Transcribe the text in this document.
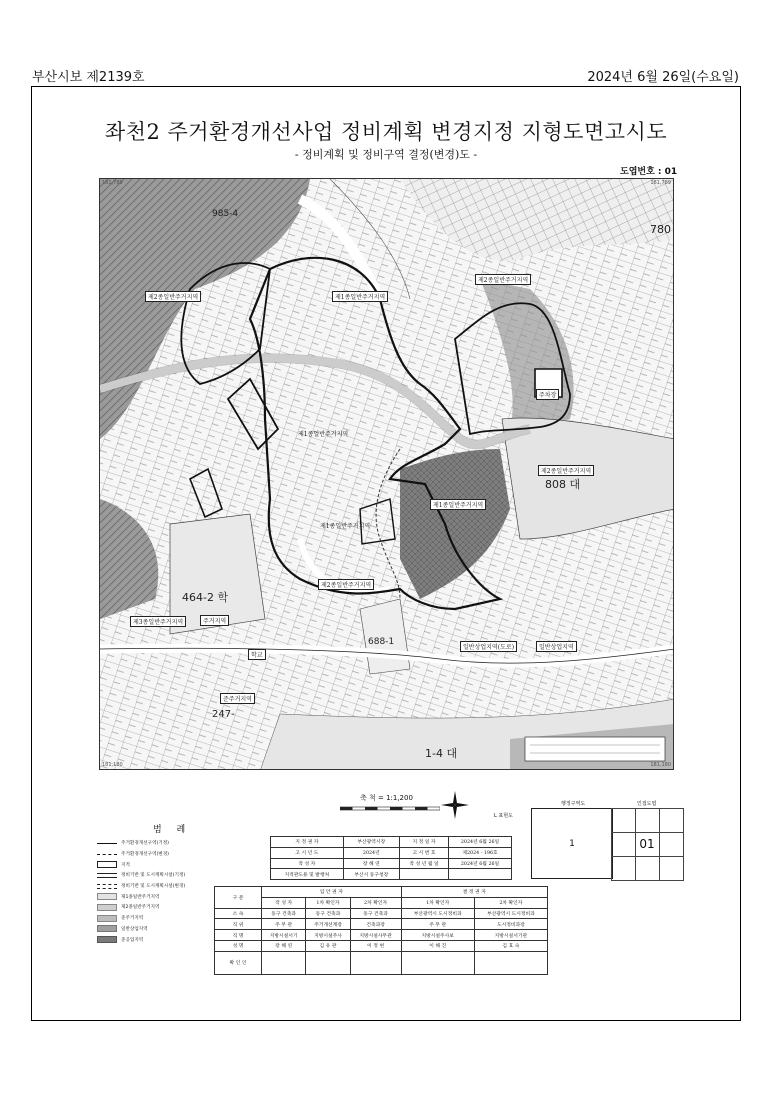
부산시보 제2139호	2024년 6월 26일(수요일)
좌천2 주거환경개선사업 정비계획 변경지정 지형도면고시도
- 정비계획 및 정비구역 결정(변경)도 -
도엽번호 : 01
181,789	181,789
181,180	181,180
985-4
780
808 대
464-2 학
688-1
1-4 대
247-
제2종일반주거지역	제1종일반주거지역
제2종일반주거지역
주차장
제2종일반주거지역
제1종일반주거지역
제2종일반주거지역
주거지역
제3종일반주거지역
준주거지역
일반상업지역
학교
일반상업지역(도로)
제1종일반주거지역
제1종일반주거지역
축 척 = 1:1,200
L 표현도
행정구역도	인접도엽
1	01
범 례
주거환경개선구역(기정)
주거환경개선구역(변경)
지적
정비기반 및 도시계획시설(기정)
정비기반 및 도시계획시설(변경)
제1종일반주거지역
제2종일반주거지역
준주거지역
일반상업지역
준공업지역
지 정 권 자	부산광역시장	지 정 일 자	2024년 6월 26일
고 시 년 도	2024년	고 시 번 호	제2024 - 196호
작 성 자	장 해 연	작 성 년 월 일	2024년 6월 26일
지적관도용 및 발행처	부산시 동구청장		
구 분	입 안 권 자			결 정 권 자	
	작 성 자	1차 확인자	2차 확인자	1차 확인자	2차 확인자
소 속	동구 건축과	동구 건축과	동구 건축과	부산광역시 도시정비과	부산광역시 도시정비과
직 위	주 무 관	주거개선계장	건축과장	주 무 관	도시정비과장
직 명	지방시설서기	지방시설주사	지방시설사무관	지방시설주사보	지방시설서기관
성 명	장 해 연	김 유 관	이 정 현	이 해 진	김 효 숙
확 인 인					
